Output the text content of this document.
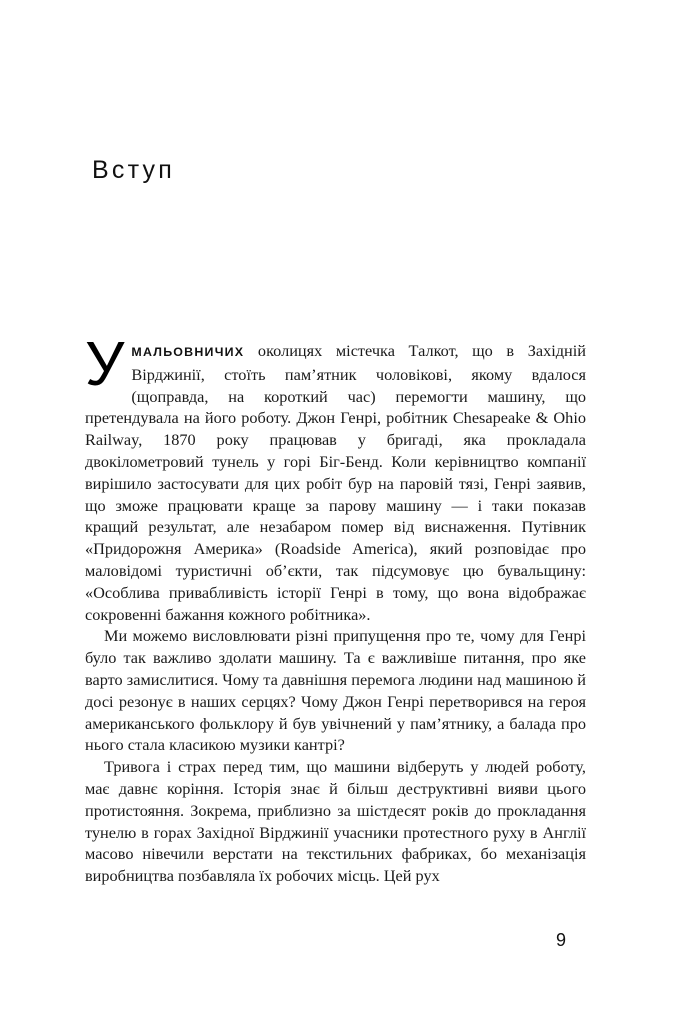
Вступ

УМАЛЬОВНИЧИХ околицях містечка Талкот, що в Західній Вірджинії, стоїть пам’ятник чоловікові, якому вдалося (щоправда, на короткий час) перемогти машину, що претендувала на його роботу. Джон Генрі, робітник Chesapeake & Ohio Railway, 1870 року працював у бригаді, яка прокладала двокілометровий тунель у горі Біг-Бенд. Коли керівництво компанії вирішило застосувати для цих робіт бур на паровій тязі, Генрі заявив, що зможе працювати краще за парову машину — і таки показав кращий результат, але незабаром помер від виснаження. Путівник «Придорожня Америка» (Roadside America), який розповідає про маловідомі туристичні об’єкти, так підсумовує цю бувальщину: «Особлива привабливість історії Генрі в тому, що вона відображає сокровенні бажання кожного робітника».

Ми можемо висловлювати різні припущення про те, чому для Генрі було так важливо здолати машину. Та є важливіше питання, про яке варто замислитися. Чому та давнішня перемога людини над машиною й досі резонує в наших серцях? Чому Джон Генрі перетворився на героя американського фольклору й був увічнений у пам’ятнику, а балада про нього стала класикою музики кантрі?

Тривога і страх перед тим, що машини відберуть у людей роботу, має давнє коріння. Історія знає й більш деструктивні вияви цього протистояння. Зокрема, приблизно за шістдесят років до прокладання тунелю в горах Західної Вірджинії учасники протестного руху в Англії масово нівечили верстати на текстильних фабриках, бо механізація виробництва позбавляла їх робочих місць. Цей рух

9
